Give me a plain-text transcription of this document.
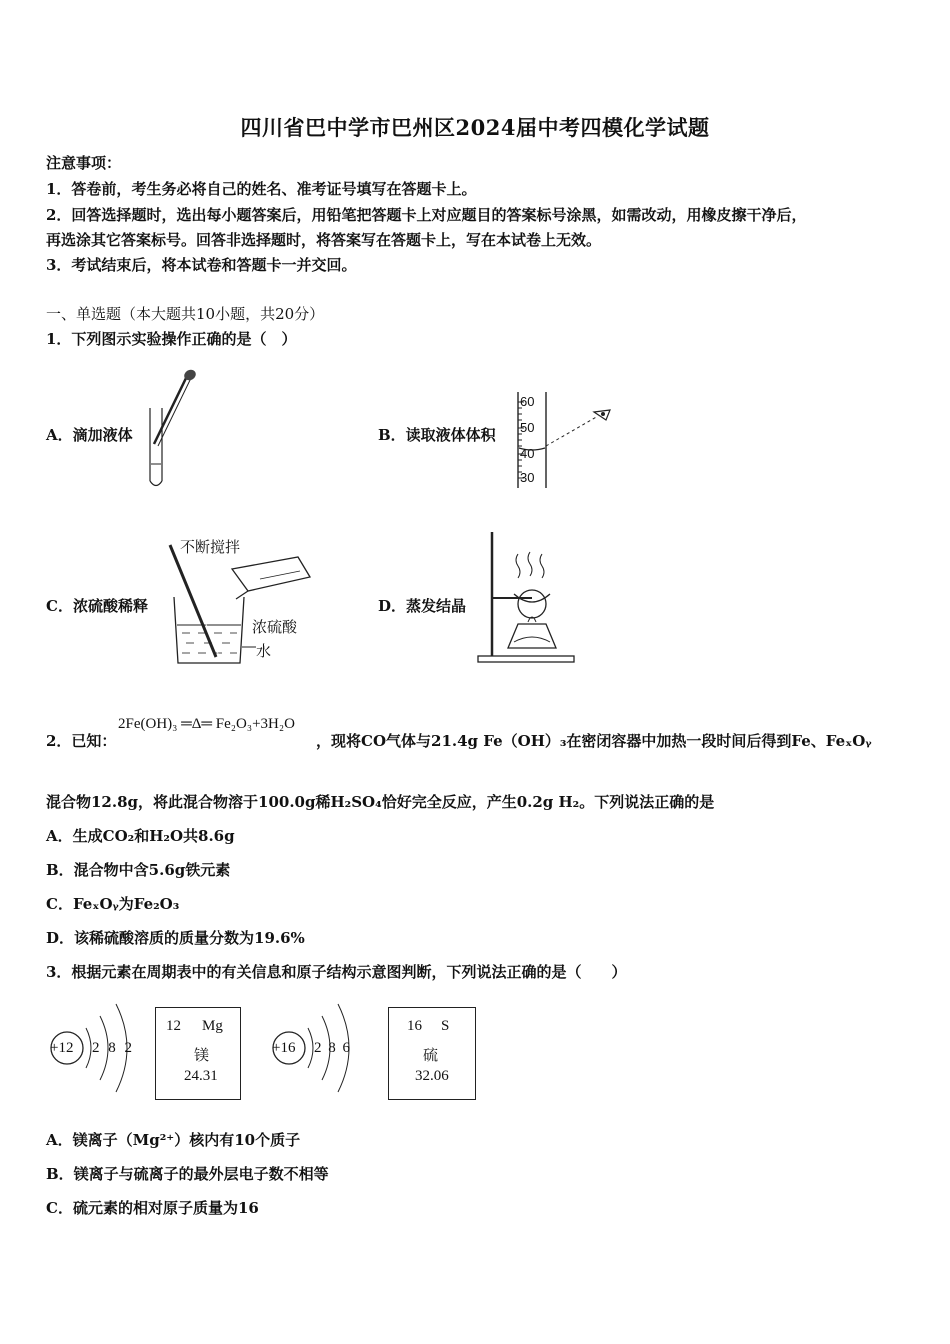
四川省巴中学市巴州区2024届中考四模化学试题
注意事项：
1．答卷前，考生务必将自己的姓名、准考证号填写在答题卡上。
2．回答选择题时，选出每小题答案后，用铅笔把答题卡上对应题目的答案标号涂黑，如需改动，用橡皮擦干净后，
再选涂其它答案标号。回答非选择题时，将答案写在答题卡上，写在本试卷上无效。
3．考试结束后，将本试卷和答题卡一并交回。
一、单选题（本大题共10小题，共20分）
1．下列图示实验操作正确的是（　）
A．滴加液体
60
50
40
30
B．读取液体体积
不断搅拌
浓硫酸
水
C．浓硫酸稀释	D．蒸发结晶
2．已知：
2Fe(OH)₃ ═Δ═ Fe₂O₃+3H₂O
，现将CO气体与21.4g Fe（OH）₃在密闭容器中加热一段时间后得到Fe、FeₓOᵧ
混合物12.8g，将此混合物溶于100.0g稀H₂SO₄恰好完全反应，产生0.2g H₂。下列说法正确的是
A．生成CO₂和H₂O共8.6g
B．混合物中含5.6g铁元素
C．FeₓOᵧ为Fe₂O₃
D．该稀硫酸溶质的质量分数为19.6%
3．根据元素在周期表中的有关信息和原子结构示意图判断，下列说法正确的是（　　）
+12 2 8 2
12 Mg
镁
24.31
+16 2 8 6
16 S
硫
32.06
A．镁离子（Mg²⁺）核内有10个质子
B．镁离子与硫离子的最外层电子数不相等
C．硫元素的相对原子质量为16
